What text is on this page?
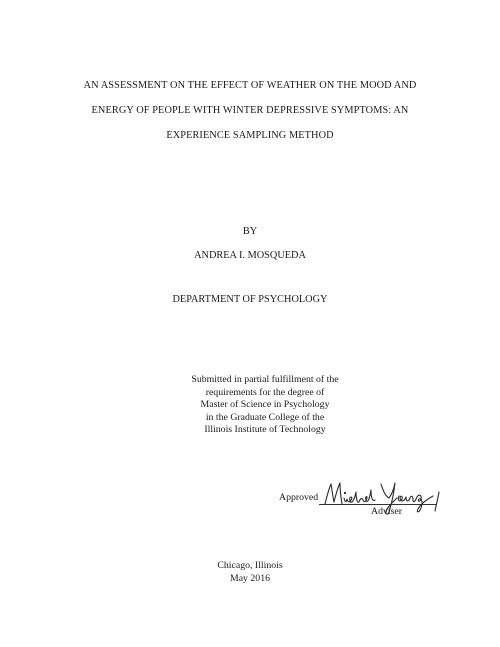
AN ASSESSMENT ON THE EFFECT OF WEATHER ON THE MOOD AND
ENERGY OF PEOPLE WITH WINTER DEPRESSIVE SYMPTOMS: AN
EXPERIENCE SAMPLING METHOD
BY
ANDREA I. MOSQUEDA
DEPARTMENT OF PSYCHOLOGY
Submitted in partial fulfillment of the
requirements for the degree of
Master of Science in Psychology
in the Graduate College of the
Illinois Institute of Technology
Approved
Adviser
Chicago, Illinois
May 2016
